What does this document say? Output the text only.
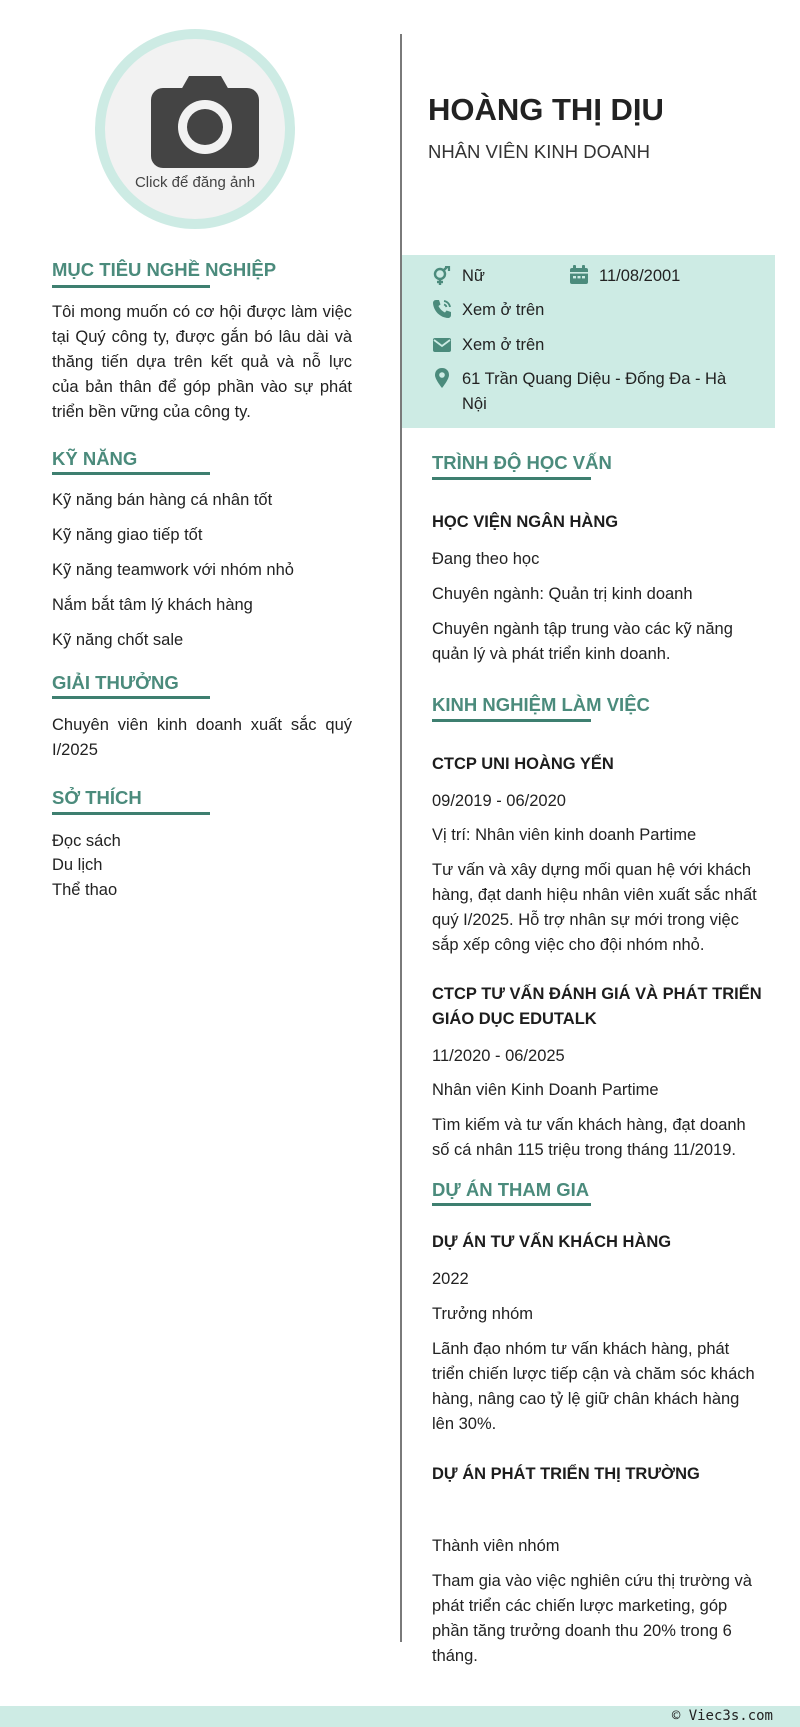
Click để đăng ảnh
MỤC TIÊU NGHỀ NGHIỆP
Tôi mong muốn có cơ hội được làm việc tại Quý công ty, được gắn bó lâu dài và thăng tiến dựa trên kết quả và nỗ lực của bản thân để góp phần vào sự phát triển bền vững của công ty.
KỸ NĂNG
Kỹ năng bán hàng cá nhân tốt
Kỹ năng giao tiếp tốt
Kỹ năng teamwork với nhóm nhỏ
Nắm bắt tâm lý khách hàng
Kỹ năng chốt sale
GIẢI THƯỞNG
Chuyên viên kinh doanh xuất sắc quý I/2025
SỞ THÍCH
Đọc sách
Du lịch
Thể thao
HOÀNG THỊ DỊU
NHÂN VIÊN KINH DOANH
Nữ	11/08/2001
Xem ở trên
Xem ở trên
61 Trần Quang Diệu - Đống Đa - Hà Nội
TRÌNH ĐỘ HỌC VẤN
HỌC VIỆN NGÂN HÀNG
Đang theo học
Chuyên ngành: Quản trị kinh doanh
Chuyên ngành tập trung vào các kỹ năng quản lý và phát triển kinh doanh.
KINH NGHIỆM LÀM VIỆC
CTCP UNI HOÀNG YẾN
09/2019 - 06/2020
Vị trí: Nhân viên kinh doanh Partime
Tư vấn và xây dựng mối quan hệ với khách hàng, đạt danh hiệu nhân viên xuất sắc nhất quý I/2025. Hỗ trợ nhân sự mới trong việc sắp xếp công việc cho đội nhóm nhỏ.
CTCP TƯ VẤN ĐÁNH GIÁ VÀ PHÁT TRIỂN GIÁO DỤC EDUTALK
11/2020 - 06/2025
Nhân viên Kinh Doanh Partime
Tìm kiếm và tư vấn khách hàng, đạt doanh số cá nhân 115 triệu trong tháng 11/2019.
DỰ ÁN THAM GIA
DỰ ÁN TƯ VẤN KHÁCH HÀNG
2022
Trưởng nhóm
Lãnh đạo nhóm tư vấn khách hàng, phát triển chiến lược tiếp cận và chăm sóc khách hàng, nâng cao tỷ lệ giữ chân khách hàng lên 30%.
DỰ ÁN PHÁT TRIỂN THỊ TRƯỜNG
Thành viên nhóm
Tham gia vào việc nghiên cứu thị trường và phát triển các chiến lược marketing, góp phần tăng trưởng doanh thu 20% trong 6 tháng.
© Viec3s.com
